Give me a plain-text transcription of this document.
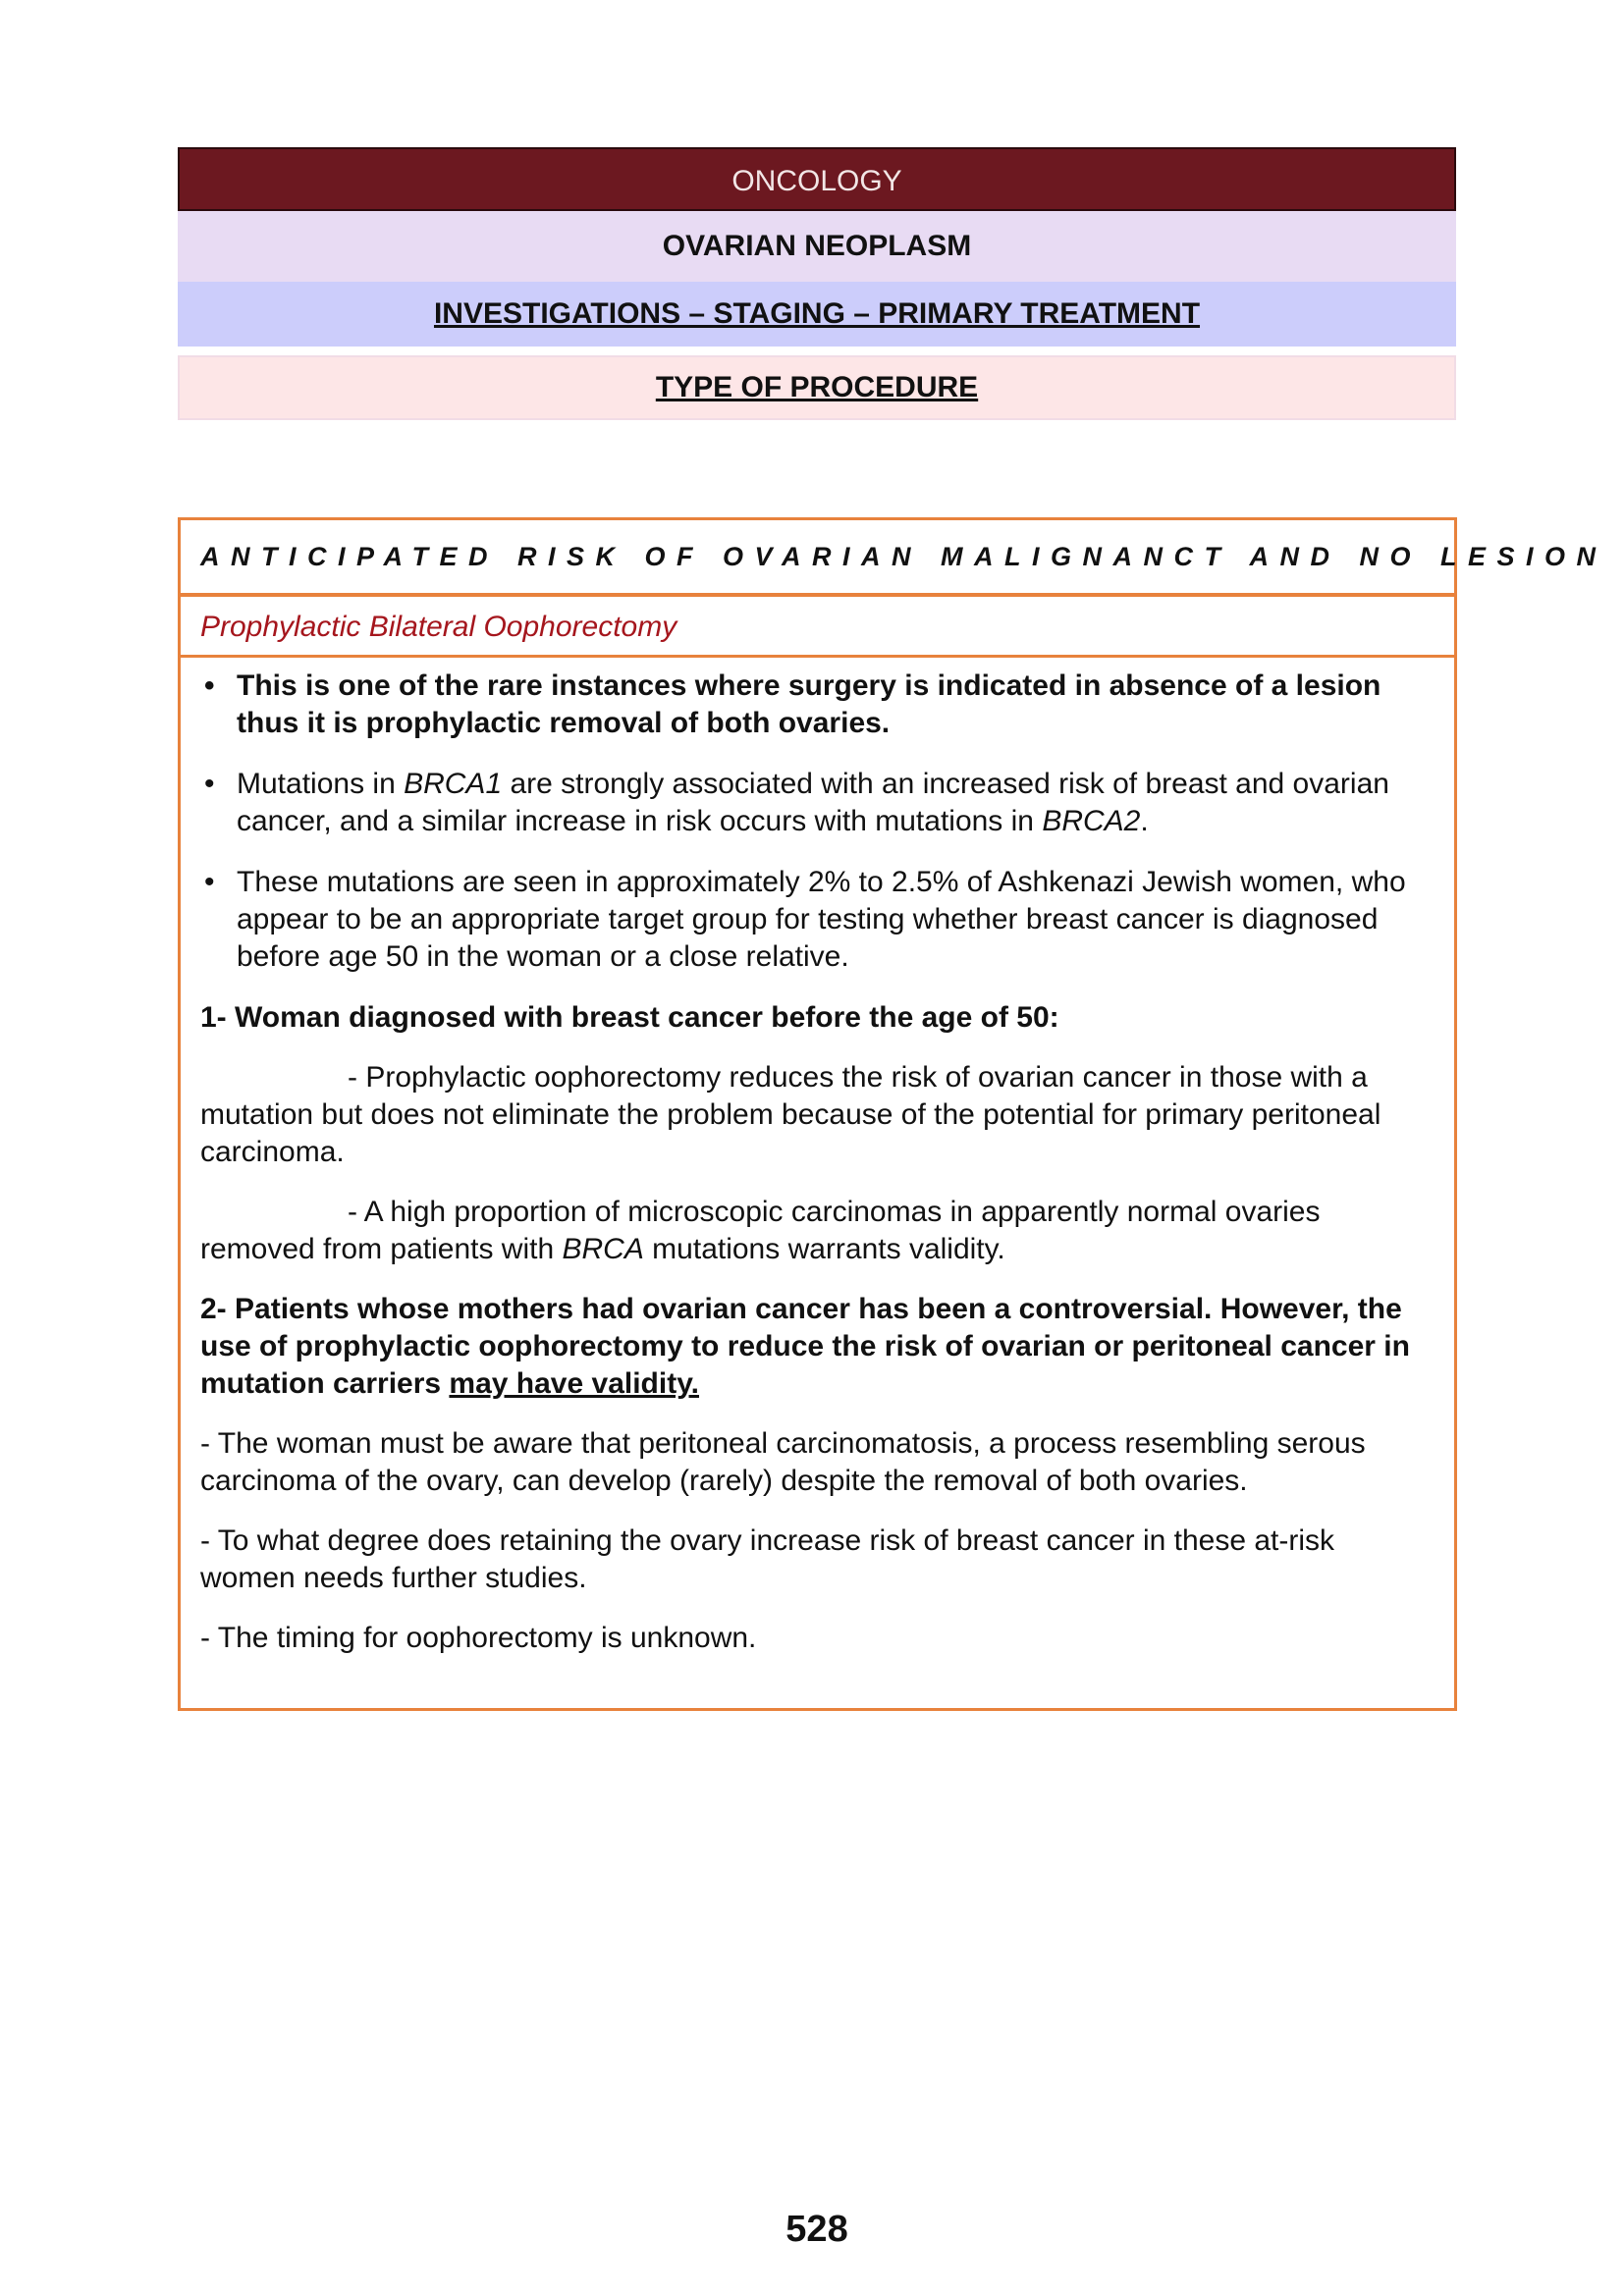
ONCOLOGY
OVARIAN NEOPLASM
INVESTIGATIONS – STAGING – PRIMARY TREATMENT
TYPE OF PROCEDURE
ANTICIPATED RISK OF OVARIAN MALIGNANCT AND NO LESION
Prophylactic Bilateral Oophorectomy
• This is one of the rare instances where surgery is indicated in absence of a lesion thus it is prophylactic removal of both ovaries.
• Mutations in BRCA1 are strongly associated with an increased risk of breast and ovarian cancer, and a similar increase in risk occurs with mutations in BRCA2.
• These mutations are seen in approximately 2% to 2.5% of Ashkenazi Jewish women, who appear to be an appropriate target group for testing whether breast cancer is diagnosed before age 50 in the woman or a close relative.
1- Woman diagnosed with breast cancer before the age of 50:
- Prophylactic oophorectomy reduces the risk of ovarian cancer in those with a mutation but does not eliminate the problem because of the potential for primary peritoneal carcinoma.
- A high proportion of microscopic carcinomas in apparently normal ovaries removed from patients with BRCA mutations warrants validity.
2- Patients whose mothers had ovarian cancer has been a controversial. However, the use of prophylactic oophorectomy to reduce the risk of ovarian or peritoneal cancer in mutation carriers may have validity.
- The woman must be aware that peritoneal carcinomatosis, a process resembling serous carcinoma of the ovary, can develop (rarely) despite the removal of both ovaries.
- To what degree does retaining the ovary increase risk of breast cancer in these at-risk women needs further studies.
- The timing for oophorectomy is unknown.
528
